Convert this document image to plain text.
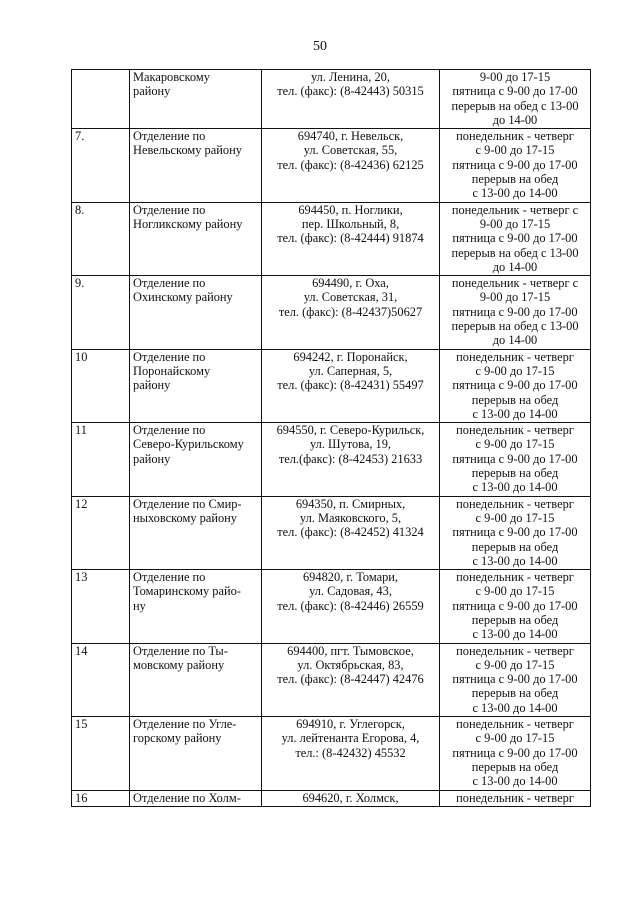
50
	Макаровскому
району	ул. Ленина, 20,
тел. (факс): (8-42443) 50315	9-00 до 17-15
пятница с 9-00 до 17-00
перерыв на обед с 13-00
до 14-00
7.	Отделение по
Невельскому району	694740, г. Невельск,
ул. Советская, 55,
тел. (факс): (8-42436) 62125	понедельник - четверг
с 9-00 до 17-15
пятница с 9-00 до 17-00
перерыв на обед
с 13-00 до 14-00
8.	Отделение по
Ногликскому району	694450, п. Ноглики,
пер. Школьный, 8,
тел. (факс): (8-42444) 91874	понедельник - четверг с
9-00 до 17-15
пятница с 9-00 до 17-00
перерыв на обед с 13-00
до 14-00
9.	Отделение по
Охинскому району	694490, г. Оха,
ул. Советская, 31,
тел. (факс): (8-42437)50627	понедельник - четверг с
9-00 до 17-15
пятница с 9-00 до 17-00
перерыв на обед с 13-00
до 14-00
10	Отделение по
Поронайскому
району	694242, г. Поронайск,
ул. Саперная, 5,
тел. (факс): (8-42431) 55497	понедельник - четверг
с 9-00 до 17-15
пятница с 9-00 до 17-00
перерыв на обед
с 13-00 до 14-00
11	Отделение по
Северо-Курильскому
району	694550, г. Северо-Курильск,
ул. Шутова, 19,
тел.(факс): (8-42453) 21633	понедельник - четверг
с 9-00 до 17-15
пятница с 9-00 до 17-00
перерыв на обед
с 13-00 до 14-00
12	Отделение по Смир-
ныховскому району	694350, п. Смирных,
ул. Маяковского, 5,
тел. (факс): (8-42452) 41324	понедельник - четверг
с 9-00 до 17-15
пятница с 9-00 до 17-00
перерыв на обед
с 13-00 до 14-00
13	Отделение по
Томаринскому райо-
ну	694820, г. Томари,
ул. Садовая, 43,
тел. (факс): (8-42446) 26559	понедельник - четверг
с 9-00 до 17-15
пятница с 9-00 до 17-00
перерыв на обед
с 13-00 до 14-00
14	Отделение по Ты-
мовскому району	694400, пгт. Тымовское,
ул. Октябрьская, 83,
тел. (факс): (8-42447) 42476	понедельник - четверг
с 9-00 до 17-15
пятница с 9-00 до 17-00
перерыв на обед
с 13-00 до 14-00
15	Отделение по Угле-
горскому району	694910, г. Углегорск,
ул. лейтенанта Егорова, 4,
тел.: (8-42432) 45532	понедельник - четверг
с 9-00 до 17-15
пятница с 9-00 до 17-00
перерыв на обед
с 13-00 до 14-00
16	Отделение по Холм-	694620, г. Холмск,	понедельник - четверг
